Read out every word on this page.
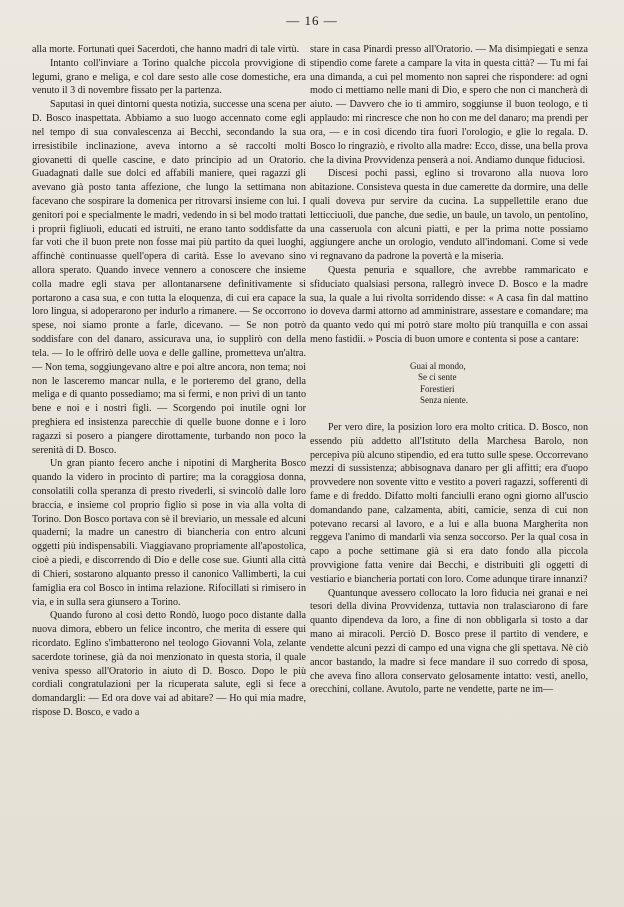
— 16 —

alla morte. Fortunati quei Sacerdoti, che hanno madri di tale virtù.

Intanto coll'inviare a Torino qualche piccola provvigione di legumi, grano e meliga, e col dare sesto alle cose domestiche, era venuto il 3 di novembre fissato per la partenza.

Saputasi in quei dintorni questa notizia, successe una scena per D. Bosco inaspettata. Abbiamo a suo luogo accennato come egli nel tempo di sua convalescenza ai Becchi, secondando la sua irresistibile inclinazione, aveva intorno a sè raccolti molti giovanetti di quelle cascine, e dato principio ad un Oratorio. Guadagnati dalle sue dolci ed affabili maniere, quei ragazzi gli avevano già posto tanta affezione, che lungo la settimana non facevano che sospirare la domenica per ritrovarsi insieme con lui. I genitori poi e specialmente le madri, vedendo in sì bel modo trattati i proprii figliuoli, educati ed istruiti, ne erano tanto soddisfatte da far voti che il buon prete non fosse mai più partito da quei luoghi, affinchè continuasse quell'opera di carità. Esse lo avevano sino allora sperato. Quando invece vennero a conoscere che insieme colla madre egli stava per allontanarsene definitivamente si portarono a casa sua, e con tutta la eloquenza, di cui era capace la loro lingua, si adoperarono per indurlo a rimanere. — Se occorrono spese, noi siamo pronte a farle, dicevano. — Se non potrò soddisfare con del danaro, assicurava una, io supplirò con della tela. — Io le offrirò delle uova e delle galline, prometteva un'altra. — Non tema, soggiungevano altre e poi altre ancora, non tema; noi non le lasceremo mancar nulla, e le porteremo del grano, della meliga e di quanto possediamo; ma si fermi, e non privi di un tanto bene e noi e i nostri figli. — Scorgendo poi inutile ogni lor preghiera ed insistenza parecchie di quelle buone donne e i loro ragazzi si posero a piangere dirottamente, turbando non poco la serenità di D. Bosco.

Un gran pianto fecero anche i nipotini di Margherita Bosco quando la videro in procinto di partire; ma la coraggiosa donna, consolatili colla speranza di presto rivederli, si svincolò dalle loro braccia, e insieme col proprio figlio si pose in via alla volta di Torino. Don Bosco portava con sè il breviario, un messale ed alcuni quaderni; la madre un canestro di biancheria con entro alcuni oggetti più indispensabili. Viaggiavano propriamente all'apostolica, cioè a piedi, e discorrendo di Dio e delle cose sue. Giunti alla città di Chieri, sostarono alquanto presso il canonico Vallimberti, la cui famiglia era col Bosco in intima relazione. Rifocillati si rimisero in via, e in sulla sera giunsero a Torino.

Quando furono al così detto Rondò, luogo poco distante dalla nuova dimora, ebbero un felice incontro, che merita di essere qui ricordato. Eglino s'imbatterono nel teologo Giovanni Vola, zelante sacerdote torinese, già da noi menzionato in questa storia, il quale veniva spesso all'Oratorio in aiuto di D. Bosco. Dopo le più cordiali congratulazioni per la ricuperata salute, egli si fece a domandargli: — Ed ora dove vai ad abitare? — Ho qui mia madre, rispose D. Bosco, e vado a

stare in casa Pinardi presso all'Oratorio. — Ma disimpiegati e senza stipendio come farete a campare la vita in questa città? — Tu mi fai una dimanda, a cui pel momento non saprei che rispondere: ad ogni modo ci mettiamo nelle mani di Dio, e spero che non ci mancherà di aiuto. — Davvero che io ti ammiro, soggiunse il buon teologo, e ti applaudo: mi rincresce che non ho con me del danaro; ma prendi per ora, — e in così dicendo tira fuori l'orologio, e glie lo regala. D. Bosco lo ringraziò, e rivolto alla madre: Ecco, disse, una bella prova che la divina Provvidenza penserà a noi. Andiamo dunque fiduciosi.

Discesi pochi passi, eglino si trovarono alla nuova loro abitazione. Consisteva questa in due camerette da dormire, una delle quali doveva pur servire da cucina. La suppellettile erano due letticciuoli, due panche, due sedie, un baule, un tavolo, un pentolino, una casseruola con alcuni piatti, e per la prima notte possiamo aggiungere anche un orologio, venduto all'indomani. Come si vede vi regnavano da padrone la povertà e la miseria.

Questa penuria e squallore, che avrebbe rammaricato e sfiduciato qualsiasi persona, rallegrò invece D. Bosco e la madre sua, la quale a lui rivolta sorridendo disse: « A casa fin dal mattino io doveva darmi attorno ad amministrare, assestare e comandare; ma da quanto vedo qui mi potrò stare molto più tranquilla e con assai meno fastidii. » Poscia di buon umore e contenta si pose a cantare:

Guai al mondo,
Se ci sente
Forestieri
Senza niente.

Per vero dire, la posizion loro era molto critica. D. Bosco, non essendo più addetto all'Istituto della Marchesa Barolo, non percepiva più alcuno stipendio, ed era tutto sulle spese. Occorrevano mezzi di sussistenza; abbisognava danaro per gli affitti; era d'uopo provvedere non sovente vitto e vestito a poveri ragazzi, sofferenti di fame e di freddo. Difatto molti fanciulli erano ogni giorno all'uscio domandando pane, calzamenta, abiti, camicie, senza di cui non potevano recarsi al lavoro, e a lui e alla buona Margherita non reggeva l'animo di mandarli via senza soccorso. Per la qual cosa in capo a poche settimane già si era dato fondo alla piccola provvigione fatta venire dai Becchi, e distribuiti gli oggetti di vestiario e biancheria portati con loro. Come adunque tirare innanzi?

Quantunque avessero collocato la loro fiducia nei granai e nei tesori della divina Provvidenza, tuttavia non tralasciarono di fare quanto dipendeva da loro, a fine di non obbligarla sì tosto a dar mano ai miracoli. Perciò D. Bosco prese il partito di vendere, e vendette alcuni pezzi di campo ed una vigna che gli spettava. Nè ciò ancor bastando, la madre si fece mandare il suo corredo di sposa, che aveva fino allora conservato gelosamente intatto: vesti, anello, orecchini, collane. Avutolo, parte ne vendette, parte ne im—
